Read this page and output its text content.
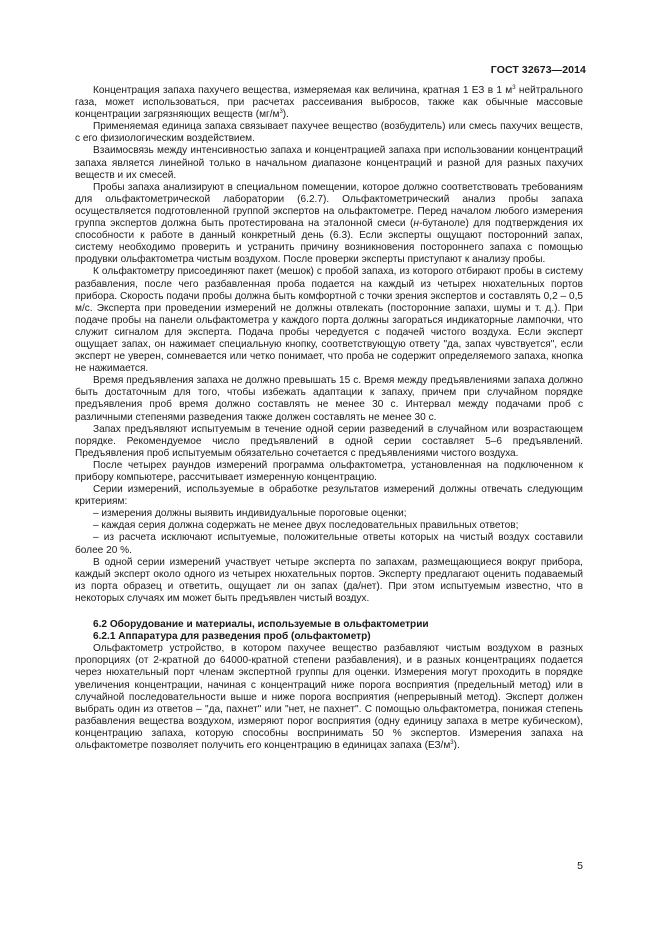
ГОСТ 32673—2014

Концентрация запаха пахучего вещества, измеряемая как величина, кратная 1 ЕЗ в 1 $м^3$ нейтрального газа, может использоваться, при расчетах рассеивания выбросов, также как обычные массовые концентрации загрязняющих веществ $(мг/м^3)$.

Применяемая единица запаха связывает пахучее вещество (возбудитель) или смесь пахучих веществ, с его физиологическим воздействием.

Взаимосвязь между интенсивностью запаха и концентрацией запаха при использовании концентраций запаха является линейной только в начальном диапазоне концентраций и разной для разных пахучих веществ и их смесей.

Пробы запаха анализируют в специальном помещении, которое должно соответствовать требованиям для ольфактометрической лаборатории (6.2.7). Ольфактометрический анализ пробы запаха осуществляется подготовленной группой экспертов на ольфактометре. Перед началом любого измерения группа экспертов должна быть протестирована на эталонной смеси (н-бутаноле) для подтверждения их способности к работе в данный конкретный день (6.3). Если эксперты ощущают посторонний запах, систему необходимо проверить и устранить причину возникновения постороннего запаха с помощью продувки ольфактометра чистым воздухом. После проверки эксперты приступают к анализу пробы.

К ольфактометру присоединяют пакет (мешок) с пробой запаха, из которого отбирают пробы в систему разбавления, после чего разбавленная проба подается на каждый из четырех нюхательных портов прибора. Скорость подачи пробы должна быть комфортной с точки зрения экспертов и составлять 0,2 – 0,5 м/с. Эксперта при проведении измерений не должны отвлекать (посторонние запахи, шумы и т. д.). При подаче пробы на панели ольфактометра у каждого порта должны загораться индикаторные лампочки, что служит сигналом для эксперта. Подача пробы чередуется с подачей чистого воздуха. Если эксперт ощущает запах, он нажимает специальную кнопку, соответствующую ответу "да, запах чувствуется", если эксперт не уверен, сомневается или четко понимает, что проба не содержит определяемого запаха, кнопка не нажимается.

Время предъявления запаха не должно превышать 15 с. Время между предъявлениями запаха должно быть достаточным для того, чтобы избежать адаптации к запаху, причем при случайном порядке предъявления проб время должно составлять не менее 30 с. Интервал между подачами проб с различными степенями разведения также должен составлять не менее 30 с.

Запах предъявляют испытуемым в течение одной серии разведений в случайном или возрастающем порядке. Рекомендуемое число предъявлений в одной серии составляет 5–6 предъявлений. Предъявления проб испытуемым обязательно сочетается с предъявлениями чистого воздуха.

После четырех раундов измерений программа ольфактометра, установленная на подключенном к прибору компьютере, рассчитывает измеренную концентрацию.

Серии измерений, используемые в обработке результатов измерений должны отвечать следующим критериям:

– измерения должны выявить индивидуальные пороговые оценки;

– каждая серия должна содержать не менее двух последовательных правильных ответов;

– из расчета исключают испытуемые, положительные ответы которых на чистый воздух составили более 20 %.

В одной серии измерений участвует четыре эксперта по запахам, размещающиеся вокруг прибора, каждый эксперт около одного из четырех нюхательных портов. Эксперту предлагают оценить подаваемый из порта образец и ответить, ощущает ли он запах (да/нет). При этом испытуемым известно, что в некоторых случаях им может быть предъявлен чистый воздух.

6.2 Оборудование и материалы, используемые в ольфактометрии

6.2.1 Аппаратура для разведения проб (ольфактометр)

Ольфактометр устройство, в котором пахучее вещество разбавляют чистым воздухом в разных пропорциях (от 2-кратной до 64000-кратной степени разбавления), и в разных концентрациях подается через нюхательный порт членам экспертной группы для оценки. Измерения могут проходить в порядке увеличения концентрации, начиная с концентраций ниже порога восприятия (предельный метод) или в случайной последовательности выше и ниже порога восприятия (непрерывный метод). Эксперт должен выбрать один из ответов – "да, пахнет" или "нет, не пахнет". С помощью ольфактометра, понижая степень разбавления вещества воздухом, измеряют порог восприятия (одну единицу запаха в метре кубическом), концентрацию запаха, которую способны воспринимать 50 % экспертов. Измерения запаха на ольфактометре позволяет получить его концентрацию в единицах запаха $(ЕЗ/м^3)$.

5
